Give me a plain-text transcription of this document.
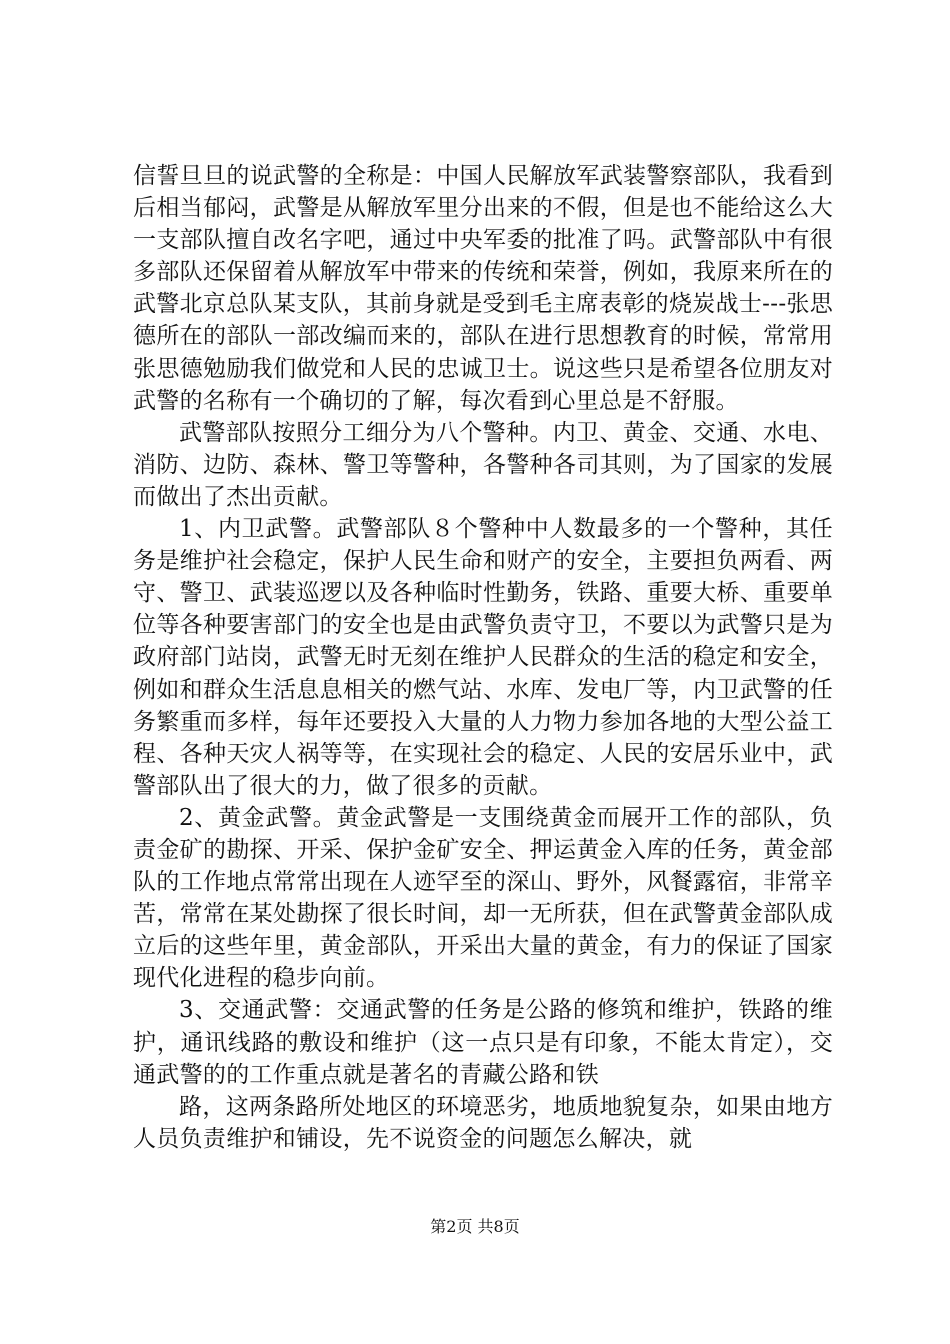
信誓旦旦的说武警的全称是：中国人民解放军武装警察部队，我看到后相当郁闷，武警是从解放军里分出来的不假，但是也不能给这么大一支部队擅自改名字吧，通过中央军委的批准了吗。武警部队中有很多部队还保留着从解放军中带来的传统和荣誉，例如，我原来所在的武警北京总队某支队，其前身就是受到毛主席表彰的烧炭战士---张思德所在的部队一部改编而来的，部队在进行思想教育的时候，常常用张思德勉励我们做党和人民的忠诚卫士。说这些只是希望各位朋友对武警的名称有一个确切的了解，每次看到心里总是不舒服。

武警部队按照分工细分为八个警种。内卫、黄金、交通、水电、消防、边防、森林、警卫等警种，各警种各司其则，为了国家的发展而做出了杰出贡献。

1、内卫武警。武警部队８个警种中人数最多的一个警种，其任务是维护社会稳定，保护人民生命和财产的安全，主要担负两看、两守、警卫、武装巡逻以及各种临时性勤务，铁路、重要大桥、重要单位等各种要害部门的安全也是由武警负责守卫，不要以为武警只是为政府部门站岗，武警无时无刻在维护人民群众的生活的稳定和安全，例如和群众生活息息相关的燃气站、水库、发电厂等，内卫武警的任务繁重而多样，每年还要投入大量的人力物力参加各地的大型公益工程、各种天灾人祸等等，在实现社会的稳定、人民的安居乐业中，武警部队出了很大的力，做了很多的贡献。

2、黄金武警。黄金武警是一支围绕黄金而展开工作的部队，负责金矿的勘探、开采、保护金矿安全、押运黄金入库的任务，黄金部队的工作地点常常出现在人迹罕至的深山、野外，风餐露宿，非常辛苦，常常在某处勘探了很长时间，却一无所获，但在武警黄金部队成立后的这些年里，黄金部队，开采出大量的黄金，有力的保证了国家现代化进程的稳步向前。

3、交通武警：交通武警的任务是公路的修筑和维护，铁路的维护，通讯线路的敷设和维护（这一点只是有印象，不能太肯定），交通武警的的工作重点就是著名的青藏公路和铁

路，这两条路所处地区的环境恶劣，地质地貌复杂，如果由地方人员负责维护和铺设，先不说资金的问题怎么解决，就

第2页 共8页
